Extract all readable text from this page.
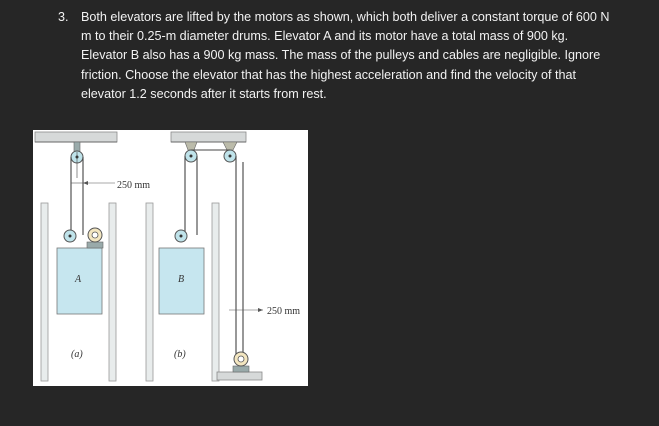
3. Both elevators are lifted by the motors as shown, which both deliver a constant torque of 600 N
m to their 0.25-m diameter drums. Elevator A and its motor have a total mass of 900 kg.
Elevator B also has a 900 kg mass. The mass of the pulleys and cables are negligible. Ignore
friction. Choose the elevator that has the highest acceleration and find the velocity of that
elevator 1.2 seconds after it starts from rest.
250 mm
A
(a)
250 mm
B
(b)
